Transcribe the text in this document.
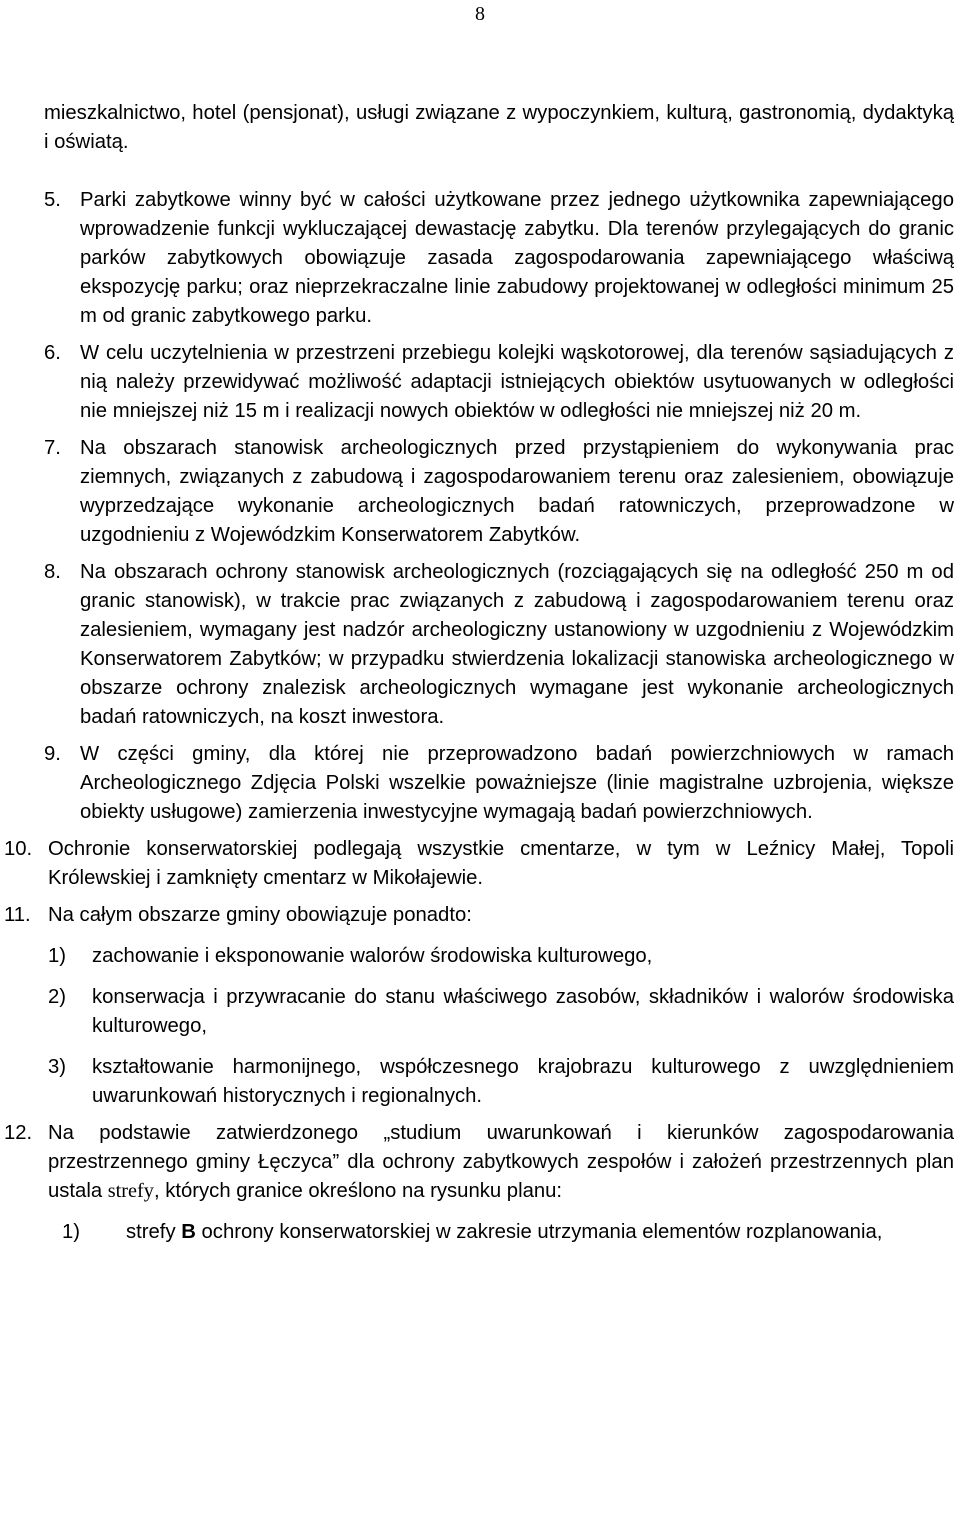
8

mieszkalnictwo, hotel (pensjonat), usługi związane z wypoczynkiem, kulturą, gastronomią, dydaktyką i oświatą.

5. Parki zabytkowe winny być w całości użytkowane przez jednego użytkownika zapewniającego wprowadzenie funkcji wykluczającej dewastację zabytku. Dla terenów przylegających do granic parków zabytkowych obowiązuje zasada zagospodarowania zapewniającego właściwą ekspozycję parku; oraz nieprzekraczalne linie zabudowy projektowanej w odległości minimum 25 m od granic zabytkowego parku.
6. W celu uczytelnienia w przestrzeni przebiegu kolejki wąskotorowej, dla terenów sąsiadujących z nią należy przewidywać możliwość adaptacji istniejących obiektów usytuowanych w odległości nie mniejszej niż 15 m i realizacji nowych obiektów w odległości nie mniejszej niż 20 m.
7. Na obszarach stanowisk archeologicznych przed przystąpieniem do wykonywania prac ziemnych, związanych z zabudową i zagospodarowaniem terenu oraz zalesieniem, obowiązuje wyprzedzające wykonanie archeologicznych badań ratowniczych, przeprowadzone w uzgodnieniu z Wojewódzkim Konserwatorem Zabytków.
8. Na obszarach ochrony stanowisk archeologicznych (rozciągających się na odległość 250 m od granic stanowisk), w trakcie prac związanych z zabudową i zagospodarowaniem terenu oraz zalesieniem, wymagany jest nadzór archeologiczny ustanowiony w uzgodnieniu z Wojewódzkim Konserwatorem Zabytków; w przypadku stwierdzenia lokalizacji stanowiska archeologicznego w obszarze ochrony znalezisk archeologicznych wymagane jest wykonanie archeologicznych badań ratowniczych, na koszt inwestora.
9. W części gminy, dla której nie przeprowadzono badań powierzchniowych w ramach Archeologicznego Zdjęcia Polski wszelkie poważniejsze (linie magistralne uzbrojenia, większe obiekty usługowe) zamierzenia inwestycyjne wymagają badań powierzchniowych.
10. Ochronie konserwatorskiej podlegają wszystkie cmentarze, w tym w Leźnicy Małej, Topoli Królewskiej i zamknięty cmentarz w Mikołajewie.
11. Na całym obszarze gminy obowiązuje ponadto:
1)	zachowanie i eksponowanie walorów środowiska kulturowego,
2)	konserwacja i przywracanie do stanu właściwego zasobów, składników i walorów środowiska kulturowego,
3)	kształtowanie harmonijnego, współczesnego krajobrazu kulturowego z uwzględnieniem uwarunkowań historycznych i regionalnych.
12. Na podstawie zatwierdzonego „studium uwarunkowań i kierunków zagospodarowania przestrzennego gminy Łęczyca” dla ochrony zabytkowych zespołów i założeń przestrzennych plan ustala strefy, których granice określono na rysunku planu:
1)	strefy B ochrony konserwatorskiej w zakresie utrzymania elementów rozplanowania,
